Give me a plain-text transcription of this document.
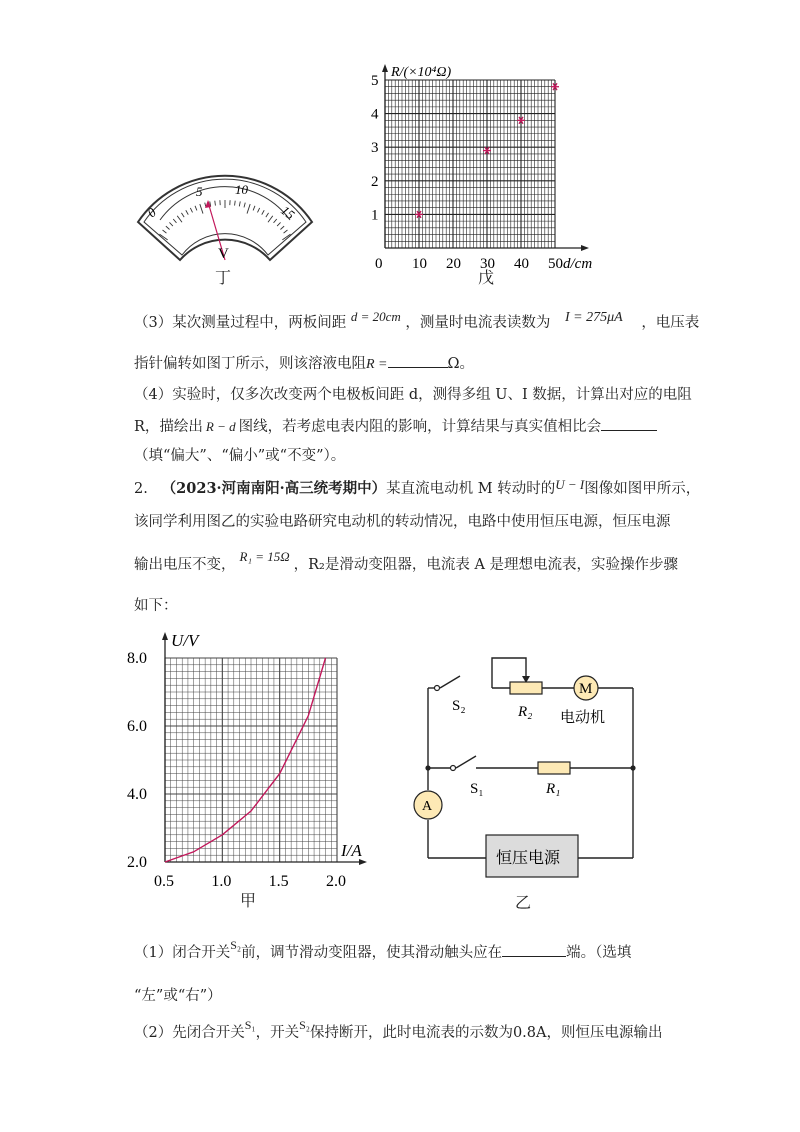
0
5	10
15
V
丁
0 10 20 30 40 50
1
2
3
4
5
R/(×10⁴Ω)
d/cm
戊
（3）某次测量过程中，两板间距 d = 20cm ，测量时电流表读数为 I = 275μA ，电压表
指针偏转如图丁所示，则该溶液电阻R =	Ω。
（4）实验时，仅多次改变两个电极板间距 d，测得多组 U、I 数据，计算出对应的电阻
R，描绘出 R − d 图线，若考虑电表内阻的影响，计算结果与真实值相比会
（填“偏大”、“偏小”或“不变”）。
2. （2023·河南南阳·高三统考期中）某直流电动机 M 转动时的U − I图像如图甲所示，
该同学利用图乙的实验电路研究电动机的转动情况，电路中使用恒压电源，恒压电源
输出电压不变，R₁ = 15Ω，R₂是滑动变阻器，电流表 A 是理想电流表，实验操作步骤
如下：
8.0
6.0
4.0
2.0
0.5 1.0 1.5 2.0
U/V
I/A
甲
M
A
S₂	R₂ 电动机
S₁	R₁
恒压电源
乙
（1）闭合开关$^{S_2}$前，调节滑动变阻器，使其滑动触头应在	端。（选填
“左”或“右”）
（2）先闭合开关$^{S_1}$，开关$^{S_2}$保持断开，此时电流表的示数为0.8A，则恒压电源输出
